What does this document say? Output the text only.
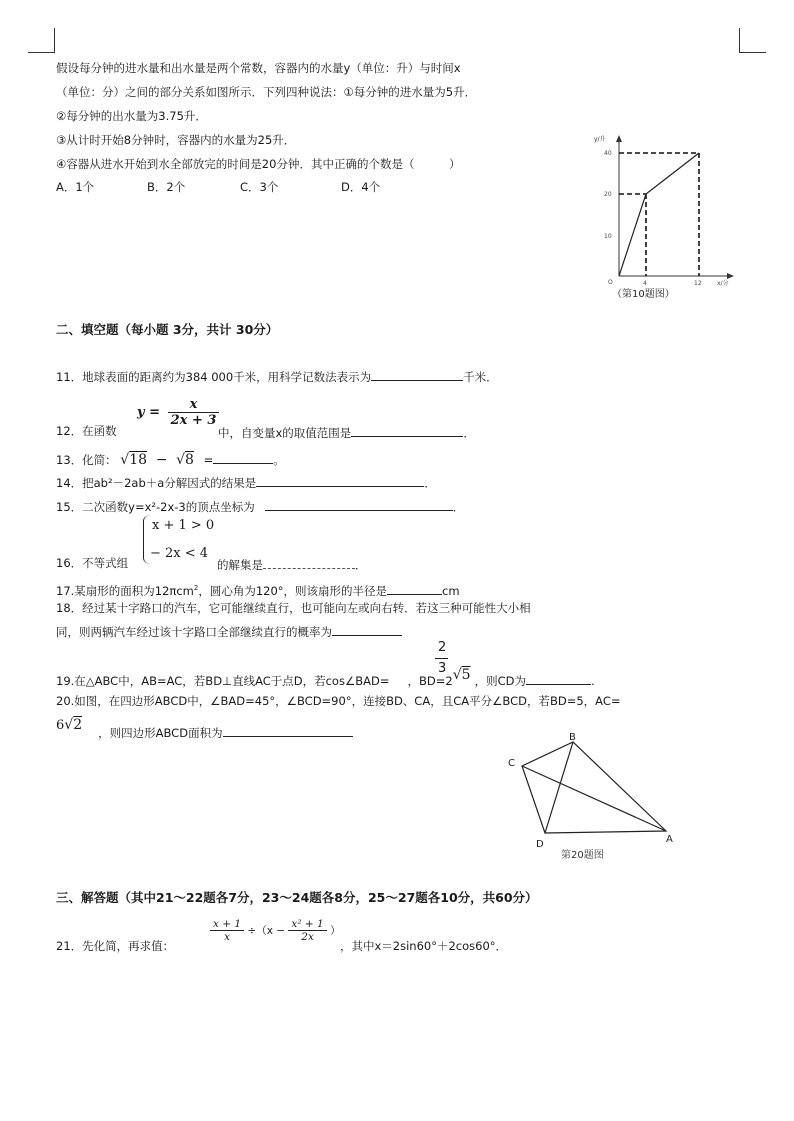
假设每分钟的进水量和出水量是两个常数，容器内的水量y（单位：升）与时间x
（单位：分）之间的部分关系如图所示．下列四种说法：①每分钟的进水量为5升．
②每分钟的出水量为3.75升．
③从计时开始8分钟时，容器内的水量为25升．
④容器从进水开始到水全部放完的时间是20分钟．其中正确的个数是（　　　）
A．1个	B．2个	C．3个	D．4个
y/升
40
20
10
O	4	12	x/分
（第10题图）
二、填空题（每小题 3分，共计 30分）
11．地球表面的距离约为384 000千米，用科学记数法表示为	千米．
$y = \frac{x}{2x + 3}$
12．在函数	中，自变量x的取值范围是	．
13．化简： √18 − √8 =	。
14．把ab²－2ab＋a分解因式的结果是	．
15．二次函数y=x²-2x-3的顶点坐标为	．
x + 1 > 0
− 2x < 4
16．不等式组	的解集是	．
17.某扇形的面积为12πcm$^2$，圆心角为120°，则该扇形的半径是	cm
18．经过某十字路口的汽车，它可能继续直行，也可能向左或向右转．若这三种可能性大小相
同，则两辆汽车经过该十字路口全部继续直行的概率为
2
3
19.在△ABC中，AB=AC，若BD⊥直线AC于点D，若cos∠BAD= ，BD=2√5 ，则CD为	.
20.如图，在四边形ABCD中，∠BAD=45°，∠BCD=90°，连接BD、CA，且CA平分∠BCD，若BD=5，AC=
6√2 ，则四边形ABCD面积为
C
B
A
D
第20题图
三、解答题（其中21～22题各7分，23～24题各8分，25～27题各10分，共60分）
$\frac{x + 1}{x} \div(x - \frac{\text{x² + 1}}{2x}$ ）
21．先化简，再求值：	，其中x＝2sin60°＋2cos60°．
